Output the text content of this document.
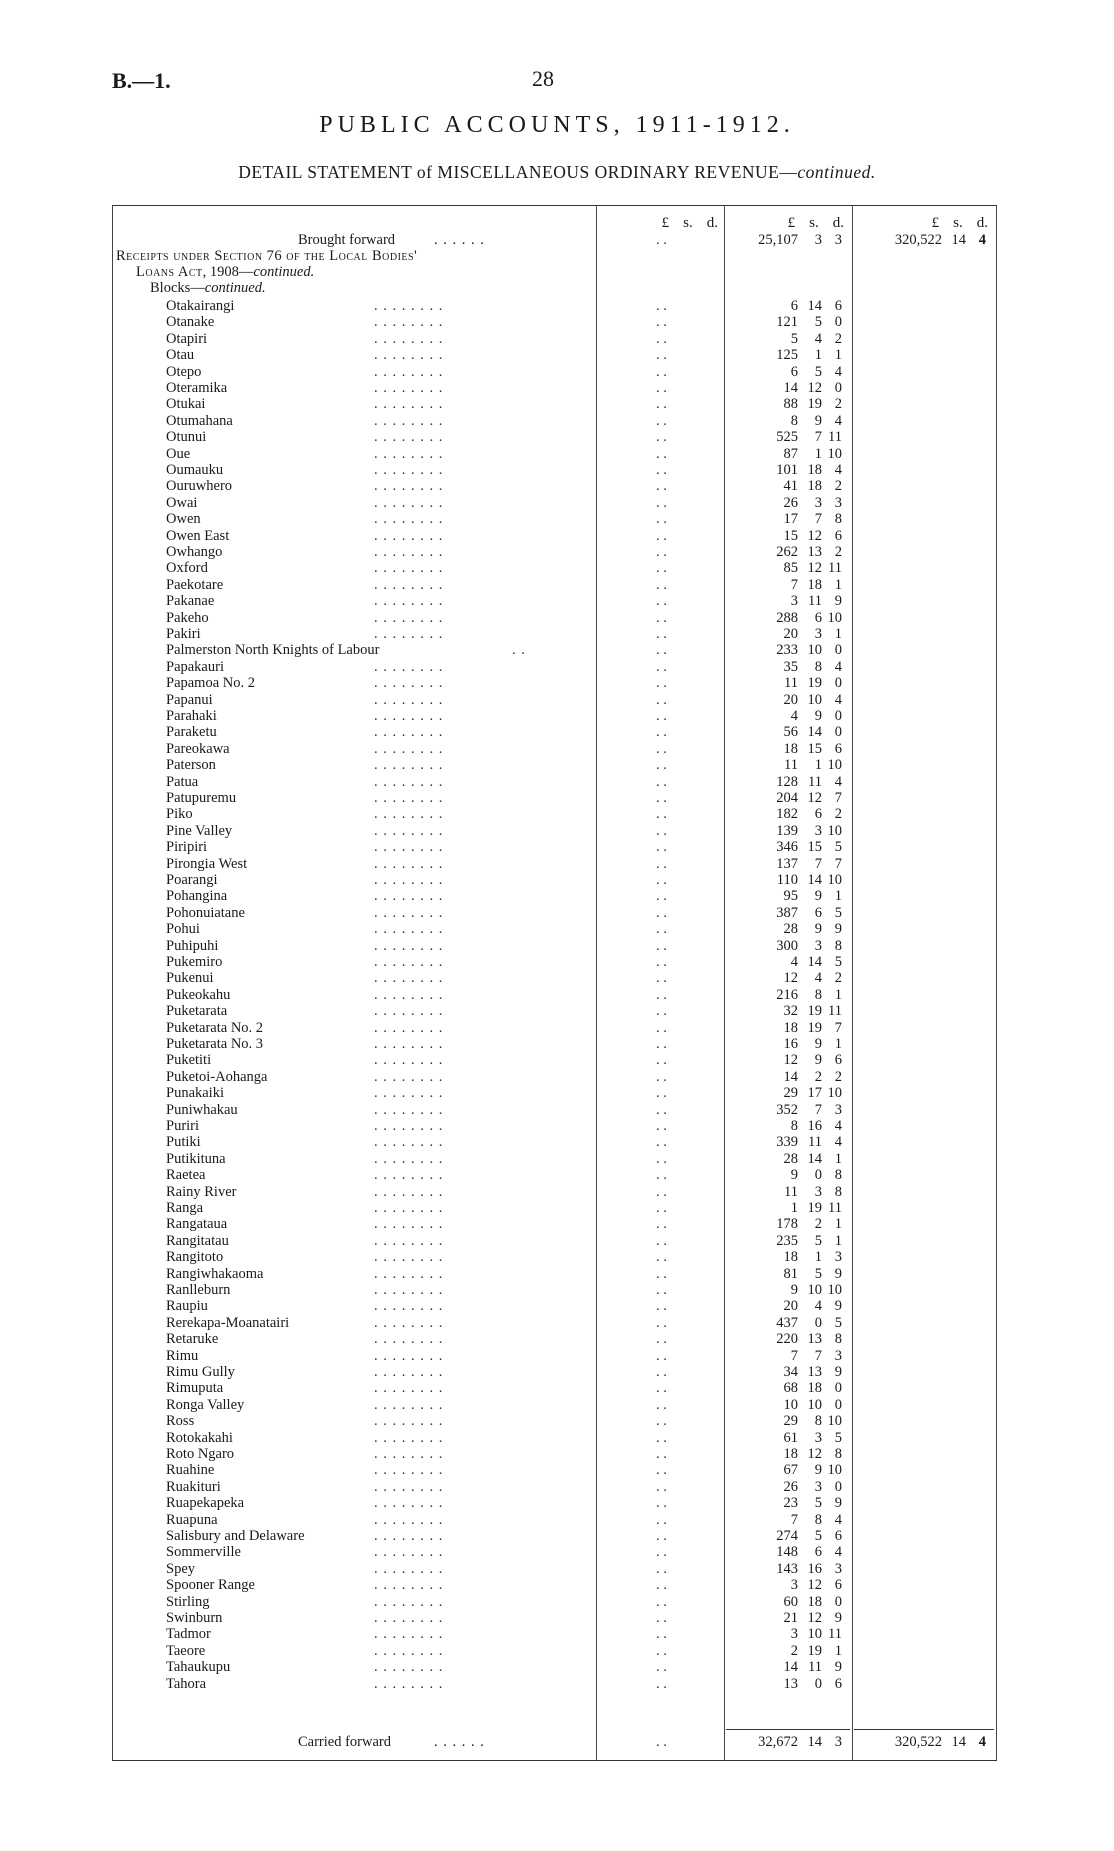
B.—1.	28
PUBLIC ACCOUNTS, 1911-1912.
DETAIL STATEMENT of MISCELLANEOUS ORDINARY REVENUE—continued.
£ s. d.	£ s. d.	£ s. d.
Brought forward	. . . . . .	. .	25,107	3 3	320,522 14 4
Receipts under Section 76 of the Local Bodies'
Loans Act, 1908—continued.
Blocks—continued.
Otakairangi	. . . . . . . .	. .	6 14 6
Otanake	. . . . . . . .	. .	121	5 0
Otapiri	. . . . . . . .	. .	5	4 2
Otau	. . . . . . . .	. .	125	1 1
Otepo	. . . . . . . .	. .	6	5 4
Oteramika	. . . . . . . .	. .	14 12 0
Otukai	. . . . . . . .	. .	88 19 2
Otumahana	. . . . . . . .	. .	8	9 4
Otunui	. . . . . . . .	. .	525	7 11
Oue	. . . . . . . .	. .	87	1 10
Oumauku	. . . . . . . .	. .	101 18 4
Ouruwhero	. . . . . . . .	. .	41 18 2
Owai	. . . . . . . .	. .	26	3 3
Owen	. . . . . . . .	. .	17	7 8
Owen East	. . . . . . . .	. .	15 12 6
Owhango	. . . . . . . .	. .	262 13 2
Oxford	. . . . . . . .	. .	85 12 11
Paekotare	. . . . . . . .	. .	7 18 1
Pakanae	. . . . . . . .	. .	3 11 9
Pakeho	. . . . . . . .	. .	288	6 10
Pakiri	. . . . . . . .	. .	20	3 1
Palmerston North Knights of Labour	. .	. .	233 10 0
Papakauri	. . . . . . . .	. .	35	8 4
Papamoa No. 2	. . . . . . . .	. .	11 19 0
Papanui	. . . . . . . .	. .	20 10 4
Parahaki	. . . . . . . .	. .	4	9 0
Paraketu	. . . . . . . .	. .	56 14 0
Pareokawa	. . . . . . . .	. .	18 15 6
Paterson	. . . . . . . .	. .	11	1 10
Patua	. . . . . . . .	. .	128 11 4
Patupuremu	. . . . . . . .	. .	204 12 7
Piko	. . . . . . . .	. .	182	6 2
Pine Valley	. . . . . . . .	. .	139	3 10
Piripiri	. . . . . . . .	. .	346 15 5
Pirongia West	. . . . . . . .	. .	137	7 7
Poarangi	. . . . . . . .	. .	110 14 10
Pohangina	. . . . . . . .	. .	95	9 1
Pohonuiatane	. . . . . . . .	. .	387	6 5
Pohui	. . . . . . . .	. .	28	9 9
Puhipuhi	. . . . . . . .	. .	300	3 8
Pukemiro	. . . . . . . .	. .	4 14 5
Pukenui	. . . . . . . .	. .	12	4 2
Pukeokahu	. . . . . . . .	. .	216	8 1
Puketarata	. . . . . . . .	. .	32 19 11
Puketarata No. 2	. . . . . . . .	. .	18 19 7
Puketarata No. 3	. . . . . . . .	. .	16	9 1
Puketiti	. . . . . . . .	. .	12	9 6
Puketoi-Aohanga	. . . . . . . .	. .	14	2 2
Punakaiki	. . . . . . . .	. .	29 17 10
Puniwhakau	. . . . . . . .	. .	352	7 3
Puriri	. . . . . . . .	. .	8 16 4
Putiki	. . . . . . . .	. .	339 11 4
Putikituna	. . . . . . . .	. .	28 14 1
Raetea	. . . . . . . .	. .	9	0 8
Rainy River	. . . . . . . .	. .	11	3 8
Ranga	. . . . . . . .	. .	1 19 11
Rangataua	. . . . . . . .	. .	178	2 1
Rangitatau	. . . . . . . .	. .	235	5 1
Rangitoto	. . . . . . . .	. .	18	1 3
Rangiwhakaoma	. . . . . . . .	. .	81	5 9
Ranlleburn	. . . . . . . .	. .	9 10 10
Raupiu	. . . . . . . .	. .	20	4 9
Rerekapa-Moanatairi	. . . . . . . .	. .	437	0 5
Retaruke	. . . . . . . .	. .	220 13 8
Rimu	. . . . . . . .	. .	7	7 3
Rimu Gully	. . . . . . . .	. .	34 13 9
Rimuputa	. . . . . . . .	. .	68 18 0
Ronga Valley	. . . . . . . .	. .	10 10 0
Ross	. . . . . . . .	. .	29	8 10
Rotokakahi	. . . . . . . .	. .	61	3 5
Roto Ngaro	. . . . . . . .	. .	18 12 8
Ruahine	. . . . . . . .	. .	67	9 10
Ruakituri	. . . . . . . .	. .	26	3 0
Ruapekapeka	. . . . . . . .	. .	23	5 9
Ruapuna	. . . . . . . .	. .	7	8 4
Salisbury and Delaware	. . . . . . . .	. .	274	5 6
Sommerville	. . . . . . . .	. .	148	6 4
Spey	. . . . . . . .	. .	143 16 3
Spooner Range	. . . . . . . .	. .	3 12 6
Stirling	. . . . . . . .	. .	60 18 0
Swinburn	. . . . . . . .	. .	21 12 9
Tadmor	. . . . . . . .	. .	3 10 11
Taeore	. . . . . . . .	. .	2 19 1
Tahaukupu	. . . . . . . .	. .	14 11 9
Tahora	. . . . . . . .	. .	13	0 6
Carried forward	. . . . . .	. .	32,672 14 3	320,522 14 4
